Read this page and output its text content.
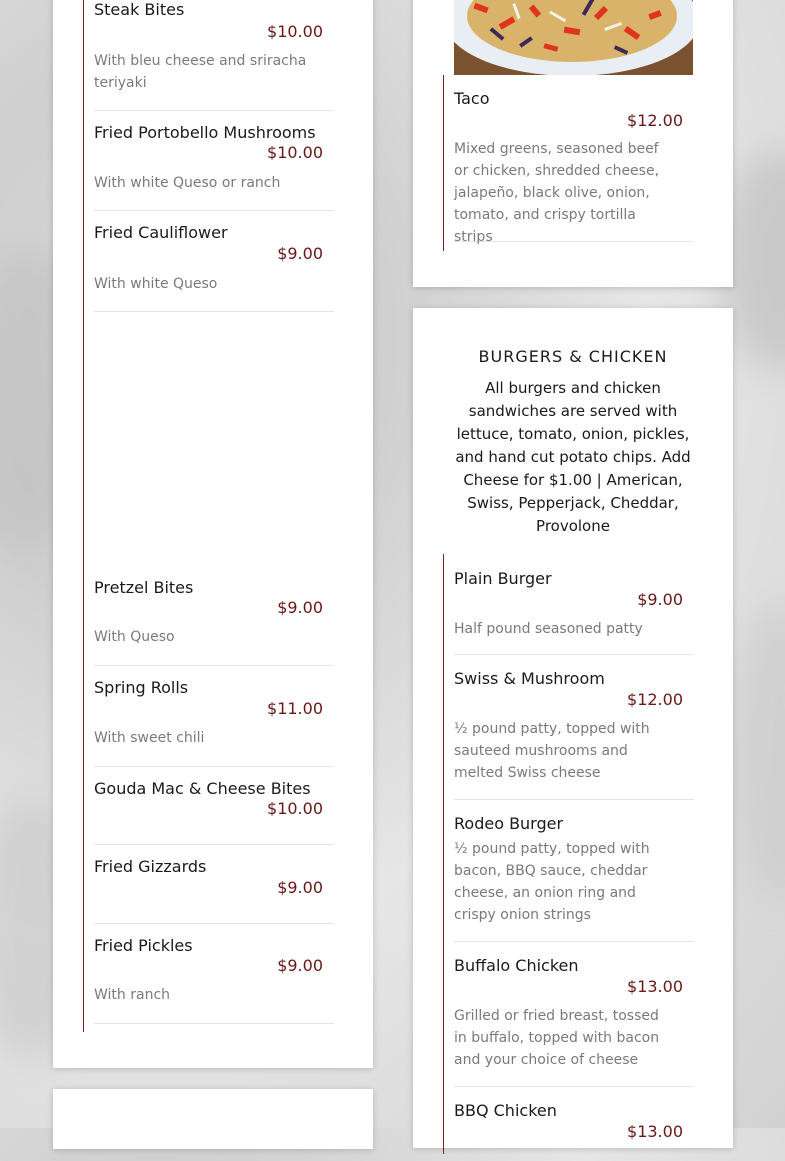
Steak Bites
$10.00
With bleu cheese and sriracha teriyaki
Fried Portobello Mushrooms
$10.00
With white Queso or ranch
Fried Cauliflower
$9.00
With white Queso
Pretzel Bites
$9.00
With Queso
Spring Rolls
$11.00
With sweet chili
Gouda Mac & Cheese Bites
$10.00
Fried Gizzards
$9.00
Fried Pickles
$9.00
With ranch
Taco
$12.00
Mixed greens, seasoned beef or chicken, shredded cheese, jalapeño, black olive, onion, tomato, and crispy tortilla strips
BURGERS & CHICKEN
All burgers and chicken sandwiches are served with lettuce, tomato, onion, pickles, and hand cut potato chips. Add Cheese for $1.00 | American, Swiss, Pepperjack, Cheddar, Provolone
Plain Burger
$9.00
Half pound seasoned patty
Swiss & Mushroom
$12.00
½ pound patty, topped with sauteed mushrooms and melted Swiss cheese
Rodeo Burger
½ pound patty, topped with bacon, BBQ sauce, cheddar cheese, an onion ring and crispy onion strings
Buffalo Chicken
$13.00
Grilled or fried breast, tossed in buffalo, topped with bacon and your choice of cheese
BBQ Chicken
$13.00
